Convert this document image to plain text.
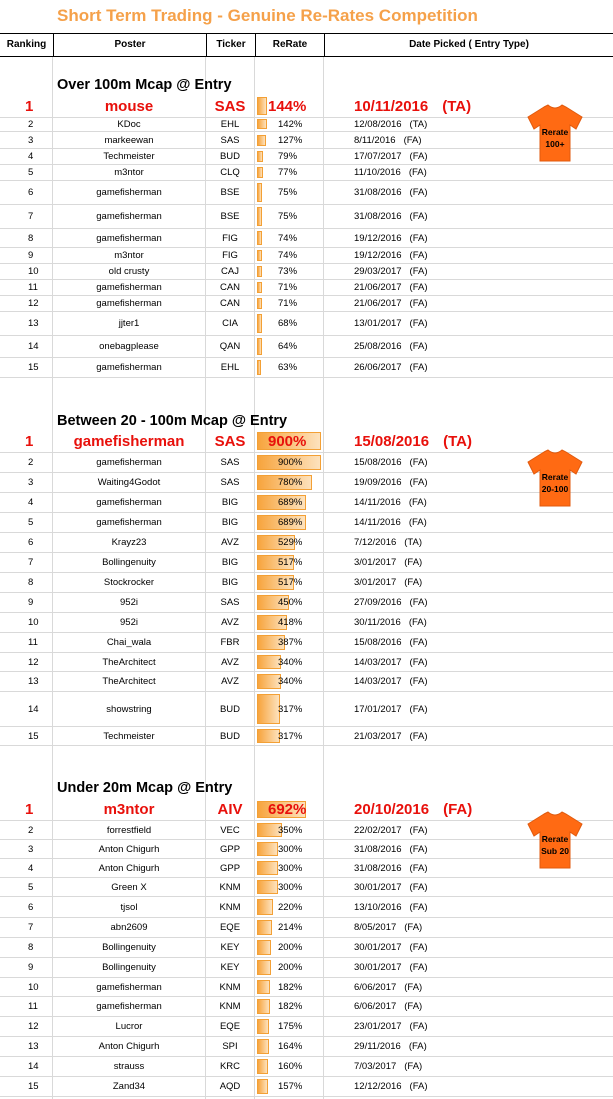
Short Term Trading - Genuine Re-Rates Competition
Ranking	Poster	Ticker	ReRate	Date Picked ( Entry Type)
Over 100m Mcap @ Entry
1	mouse	SAS	144%	10/11/2016 (TA)
2	KDoc	EHL	142%	12/08/2016 (TA)
3	markeewan	SAS	127%	8/11/2016 (FA)
4	Techmeister	BUD	79%	17/07/2017 (FA)
5	m3ntor	CLQ	77%	11/10/2016 (FA)
6	gamefisherman	BSE	75%	31/08/2016 (FA)
7	gamefisherman	BSE	75%	31/08/2016 (FA)
8	gamefisherman	FIG	74%	19/12/2016 (FA)
9	m3ntor	FIG	74%	19/12/2016 (FA)
10	old crusty	CAJ	73%	29/03/2017 (FA)
11	gamefisherman	CAN	71%	21/06/2017 (FA)
12	gamefisherman	CAN	71%	21/06/2017 (FA)
13	jjter1	CIA	68%	13/01/2017 (FA)
14	onebagplease	QAN	64%	25/08/2016 (FA)
15	gamefisherman	EHL	63%	26/06/2017 (FA)
Rerate
100+
Between 20 - 100m Mcap @ Entry
1	gamefisherman	SAS	900%	15/08/2016 (TA)
2	gamefisherman	SAS	900%	15/08/2016 (FA)
3	Waiting4Godot	SAS	780%	19/09/2016 (FA)
4	gamefisherman	BIG	689%	14/11/2016 (FA)
5	gamefisherman	BIG	689%	14/11/2016 (FA)
6	Krayz23	AVZ	529%	7/12/2016 (TA)
7	Bollingenuity	BIG	517%	3/01/2017 (FA)
8	Stockrocker	BIG	517%	3/01/2017 (FA)
9	952i	SAS	450%	27/09/2016 (FA)
10	952i	AVZ	418%	30/11/2016 (FA)
11	Chai_wala	FBR	387%	15/08/2016 (FA)
12	TheArchitect	AVZ	340%	14/03/2017 (FA)
13	TheArchitect	AVZ	340%	14/03/2017 (FA)
14	showstring	BUD	317%	17/01/2017 (FA)
15	Techmeister	BUD	317%	21/03/2017 (FA)
Rerate
20-100
Under 20m Mcap @ Entry
1	m3ntor	AIV	692%	20/10/2016 (FA)
2	forrestfield	VEC	350%	22/02/2017 (FA)
3	Anton Chigurh	GPP	300%	31/08/2016 (FA)
4	Anton Chigurh	GPP	300%	31/08/2016 (FA)
5	Green X	KNM	300%	30/01/2017 (FA)
6	tjsol	KNM	220%	13/10/2016 (FA)
7	abn2609	EQE	214%	8/05/2017 (FA)
8	Bollingenuity	KEY	200%	30/01/2017 (FA)
9	Bollingenuity	KEY	200%	30/01/2017 (FA)
10	gamefisherman	KNM	182%	6/06/2017 (FA)
11	gamefisherman	KNM	182%	6/06/2017 (FA)
12	Lucror	EQE	175%	23/01/2017 (FA)
13	Anton Chigurh	SPI	164%	29/11/2016 (FA)
14	strauss	KRC	160%	7/03/2017 (FA)
15	Zand34	AQD	157%	12/12/2016 (FA)
Rerate
Sub 20
